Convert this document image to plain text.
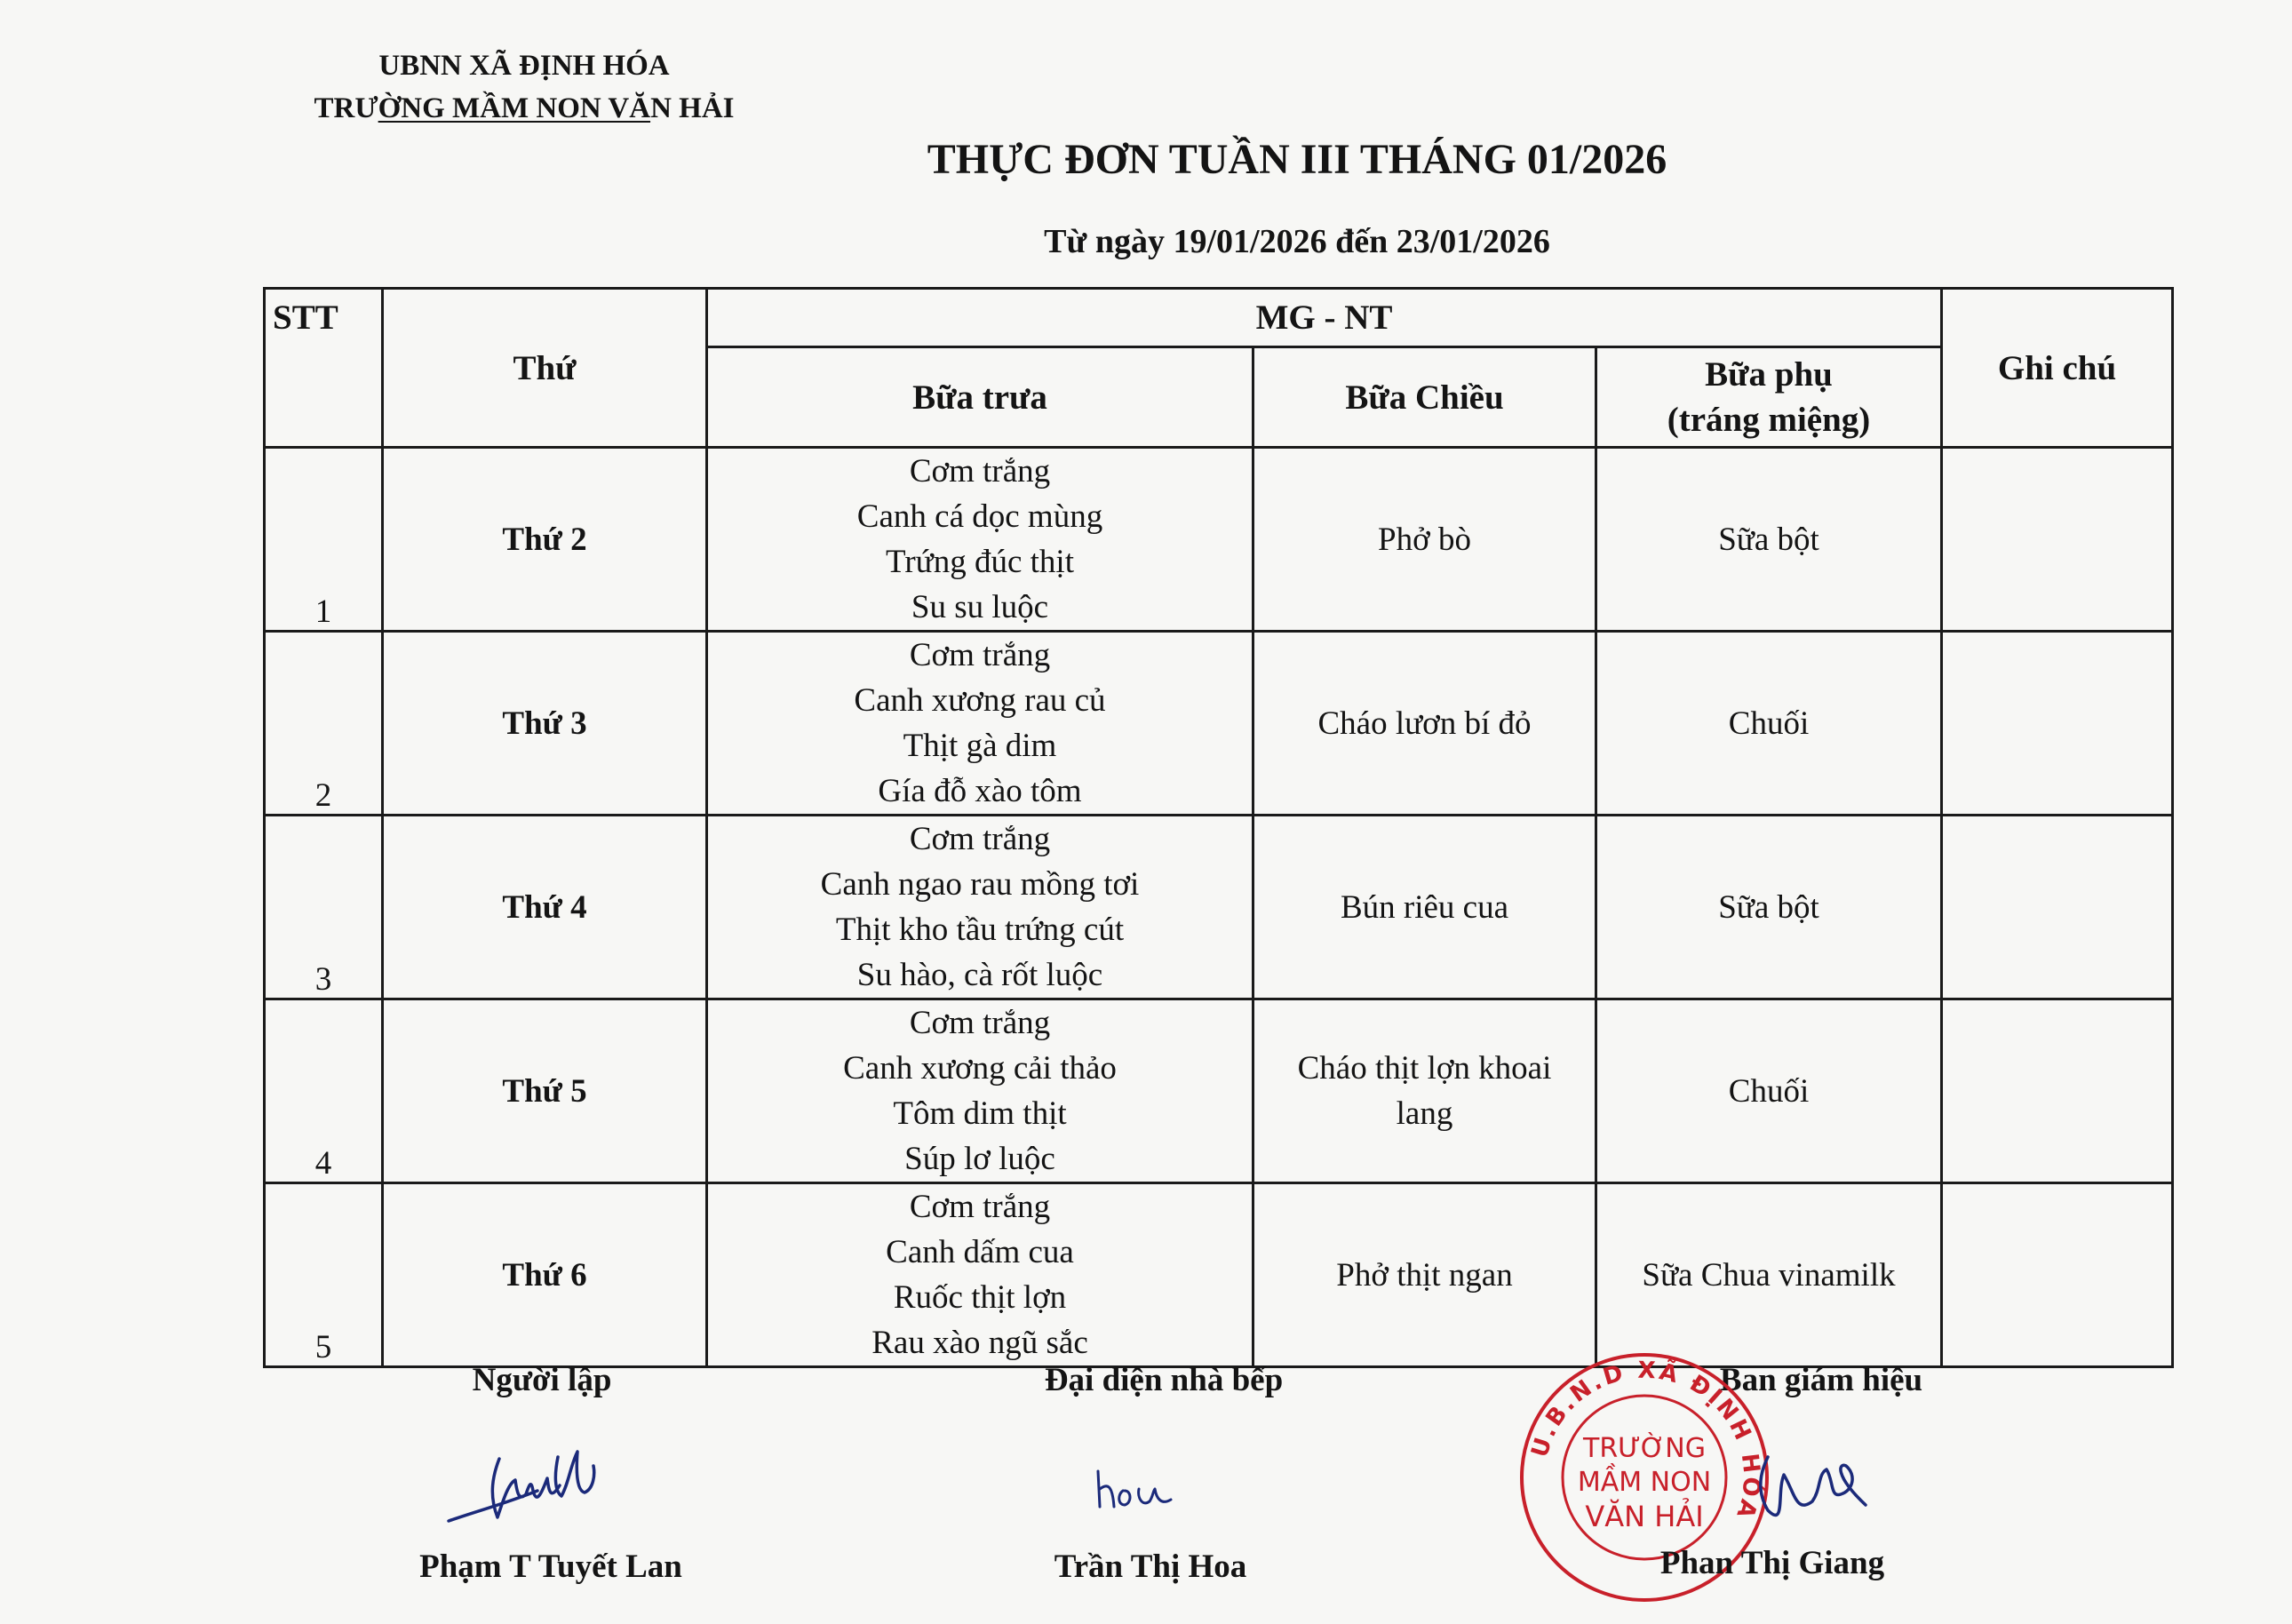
UBNN XÃ ĐỊNH HÓA
TRƯỜNG MẦM NON VĂN HẢI
THỰC ĐƠN TUẦN III THÁNG 01/2026
Từ ngày 19/01/2026 đến 23/01/2026
STT	Thứ	MG - NT			Ghi chú
		Bữa trưa	Bữa Chiều	Bữa phụ
(tráng miệng)	

1	Thứ 2	Cơm trắng
Canh cá dọc mùng
Trứng đúc thịt
Su su luộc	Phở bò	Sữa bột	
2	Thứ 3	Cơm trắng
Canh xương rau củ
Thịt gà dim
Gía đỗ xào tôm	Cháo lươn bí đỏ	Chuối	
3	Thứ 4	Cơm trắng
Canh ngao rau mồng tơi
Thịt kho tầu trứng cút
Su hào, cà rốt luộc	Bún riêu cua	Sữa bột	
4	Thứ 5	Cơm trắng
Canh xương cải thảo
Tôm dim thịt
Súp lơ luộc	Cháo thịt lợn khoai lang	Chuối	
5	Thứ 6	Cơm trắng
Canh dấm cua
Ruốc thịt lợn
Rau xào ngũ sắc	Phở thịt ngan	Sữa Chua vinamilk	
Người lập	Đại diện nhà bếp	Ban giám hiệu
U.B.N.D XÃ ĐỊNH HÓA
TRƯỜNG
MẦM NON
VĂN HẢI
Phạm T Tuyết Lan	Trần Thị Hoa	Phan Thị Giang
